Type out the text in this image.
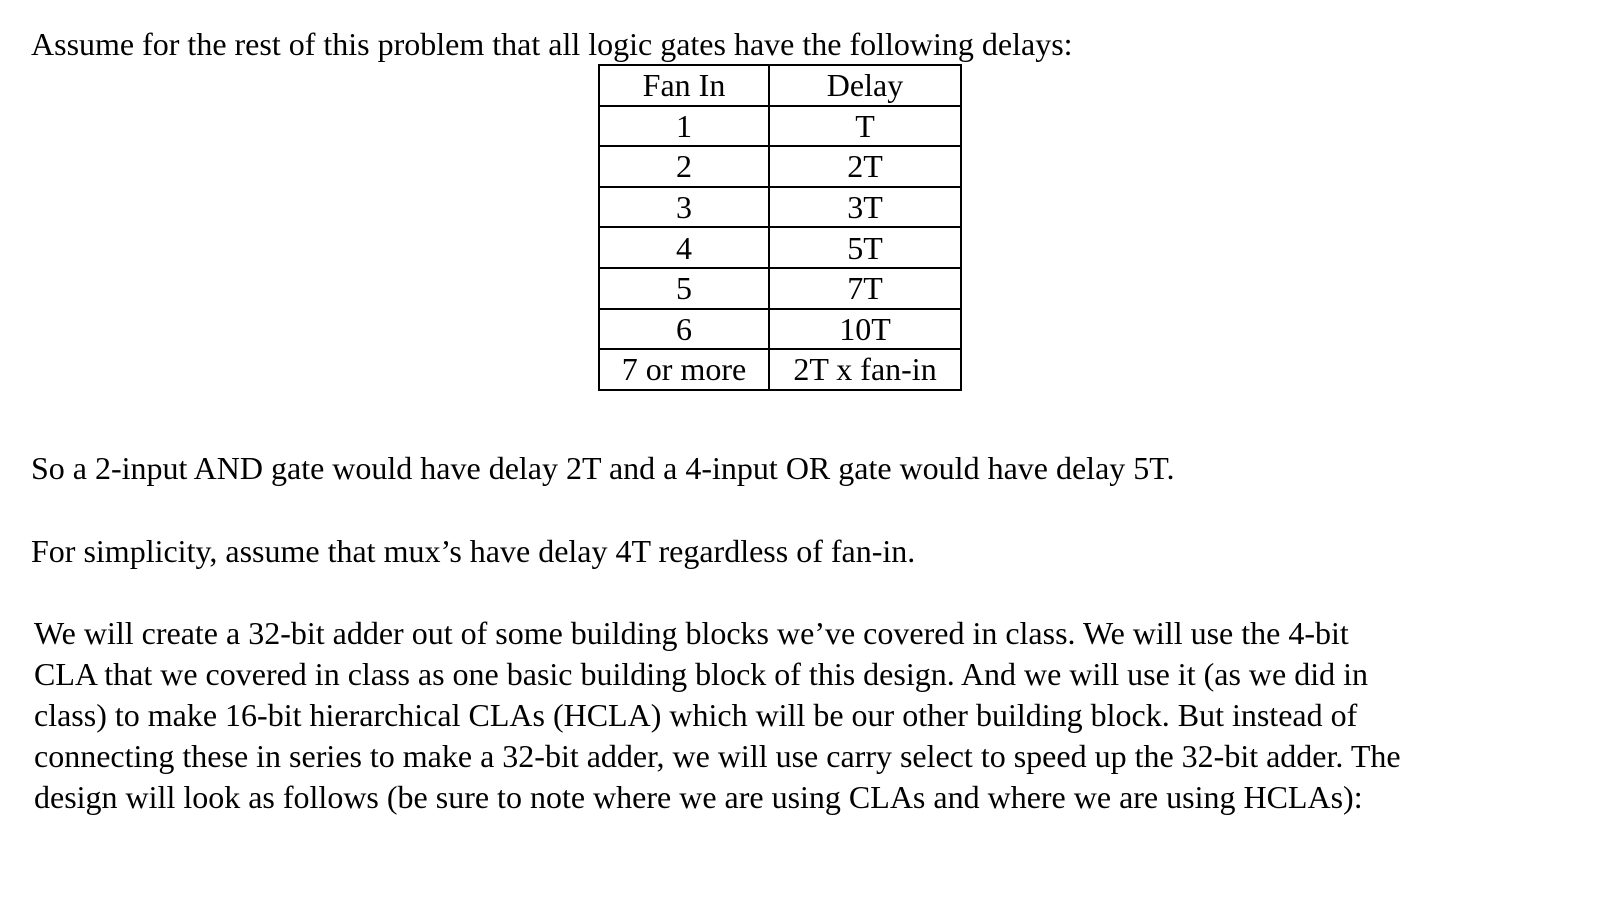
Assume for the rest of this problem that all logic gates have the following delays:

Fan In	Delay
1	T
2	2T
3	3T
4	5T
5	7T
6	10T
7 or more	2T x fan-in

So a 2-input AND gate would have delay 2T and a 4-input OR gate would have delay 5T.

For simplicity, assume that mux’s have delay 4T regardless of fan-in.

We will create a 32-bit adder out of some building blocks we’ve covered in class. We will use the 4-bit
CLA that we covered in class as one basic building block of this design. And we will use it (as we did in
class) to make 16-bit hierarchical CLAs (HCLA) which will be our other building block. But instead of
connecting these in series to make a 32-bit adder, we will use carry select to speed up the 32-bit adder. The
design will look as follows (be sure to note where we are using CLAs and where we are using HCLAs):
